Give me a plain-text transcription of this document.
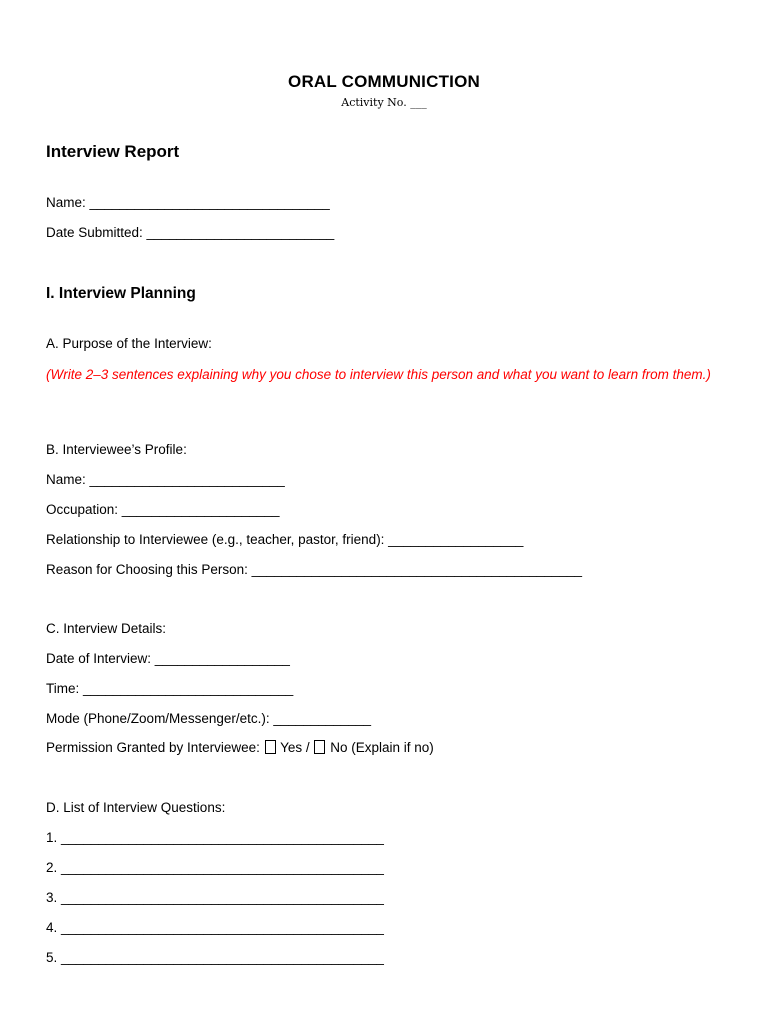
ORAL COMMUNICTION
Activity No. ___
Interview Report
Name: ________________________________
Date Submitted: _________________________
I. Interview Planning
A. Purpose of the Interview:
(Write 2–3 sentences explaining why you chose to interview this person and what you want to learn from them.)
B. Interviewee’s Profile:
Name: __________________________
Occupation: _____________________
Relationship to Interviewee (e.g., teacher, pastor, friend): __________________
Reason for Choosing this Person: ____________________________________________
C. Interview Details:
Date of Interview: __________________
Time: ____________________________
Mode (Phone/Zoom/Messenger/etc.): _____________
Permission Granted by Interviewee: Yes / No (Explain if no)
D. List of Interview Questions:
1. ___________________________________________
2. ___________________________________________
3. ___________________________________________
4. ___________________________________________
5. ___________________________________________
